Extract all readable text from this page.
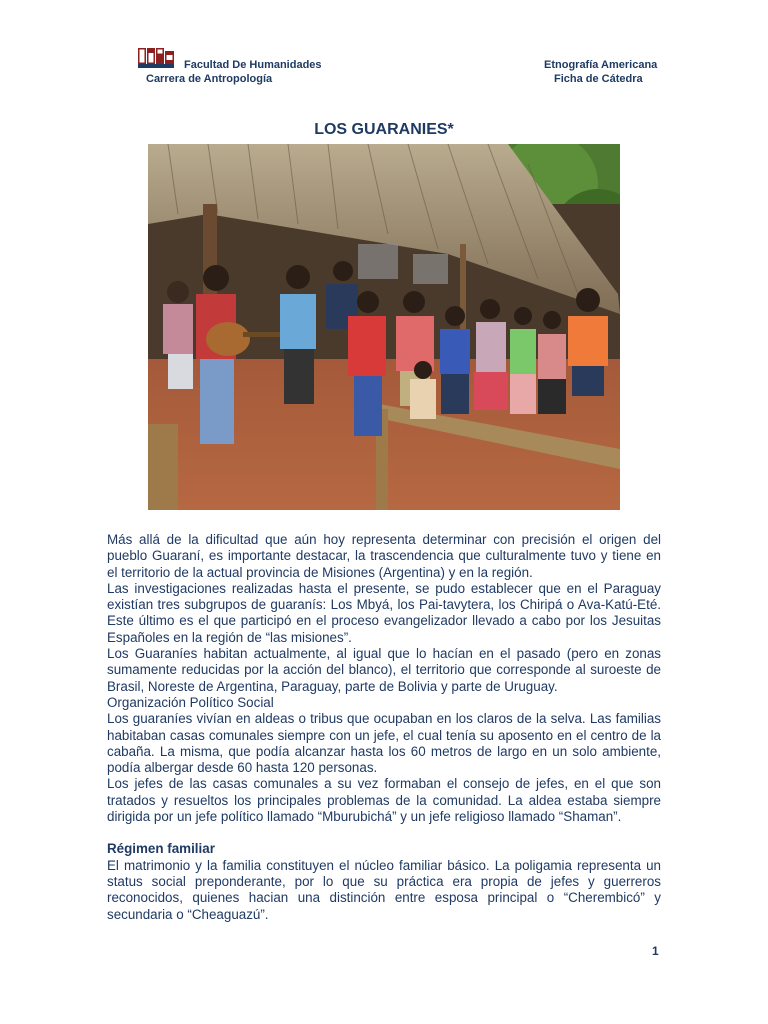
Facultad De Humanidades
Carrera de Antropología
Etnografía Americana
Ficha de Cátedra
LOS GUARANIES*

Más allá de la dificultad que aún hoy representa determinar con precisión el origen del pueblo Guaraní, es importante destacar, la trascendencia que culturalmente tuvo y tiene en el territorio de la actual provincia de Misiones (Argentina) y en la región.

Las investigaciones realizadas hasta el presente, se pudo establecer que en el Paraguay existían tres subgrupos de guaranís: Los Mbyá, los Pai-tavytera, los Chiripá o Ava-Katú-Eté. Este último es el que participó en el proceso evangelizador llevado a cabo por los Jesuitas Españoles en la región de “las misiones”.

Los Guaraníes habitan actualmente, al igual que lo hacían en el pasado (pero en zonas sumamente reducidas por la acción del blanco), el territorio que corresponde al suroeste de Brasil, Noreste de Argentina, Paraguay, parte de Bolivia y parte de Uruguay.

Organización Político Social

Los guaraníes vivían en aldeas o tribus que ocupaban en los claros de la selva. Las familias habitaban casas comunales siempre con un jefe, el cual tenía su aposento en el centro de la cabaña. La misma, que podía alcanzar hasta los 60 metros de largo en un solo ambiente, podía albergar desde 60 hasta 120 personas.

Los jefes de las casas comunales a su vez formaban el consejo de jefes, en el que son tratados y resueltos los principales problemas de la comunidad. La aldea estaba siempre dirigida por un jefe político llamado “Mburubichá” y un jefe religioso llamado “Shaman”.

Régimen familiar

El matrimonio y la familia constituyen el núcleo familiar básico. La poligamia representa un status social preponderante, por lo que su práctica era propia de jefes y guerreros reconocidos, quienes hacian una distinción entre esposa principal o “Cherembicó” y secundaria o “Cheaguazú”.

1
